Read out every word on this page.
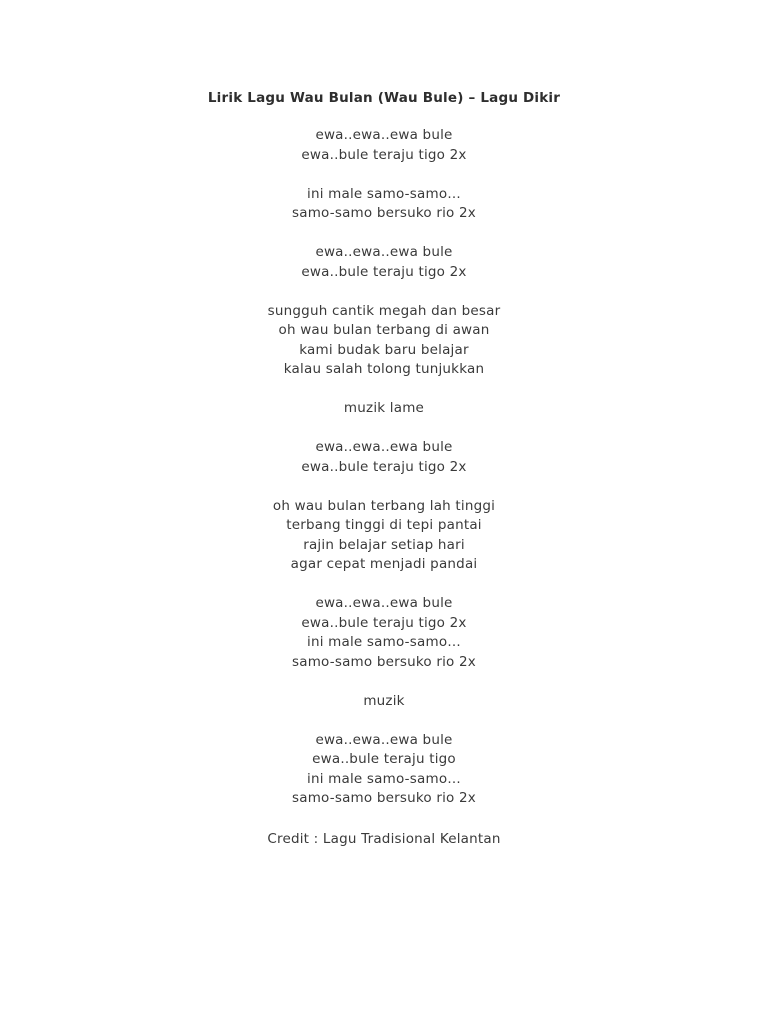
Lirik Lagu Wau Bulan (Wau Bule) – Lagu Dikir
ewa..ewa..ewa bule
ewa..bule teraju tigo 2x
ini male samo-samo…
samo-samo bersuko rio 2x
ewa..ewa..ewa bule
ewa..bule teraju tigo 2x
sungguh cantik megah dan besar
oh wau bulan terbang di awan
kami budak baru belajar
kalau salah tolong tunjukkan
muzik lame
ewa..ewa..ewa bule
ewa..bule teraju tigo 2x
oh wau bulan terbang lah tinggi
terbang tinggi di tepi pantai
rajin belajar setiap hari
agar cepat menjadi pandai
ewa..ewa..ewa bule
ewa..bule teraju tigo 2x
ini male samo-samo…
samo-samo bersuko rio 2x
muzik
ewa..ewa..ewa bule
ewa..bule teraju tigo
ini male samo-samo…
samo-samo bersuko rio 2x
Credit : Lagu Tradisional Kelantan
